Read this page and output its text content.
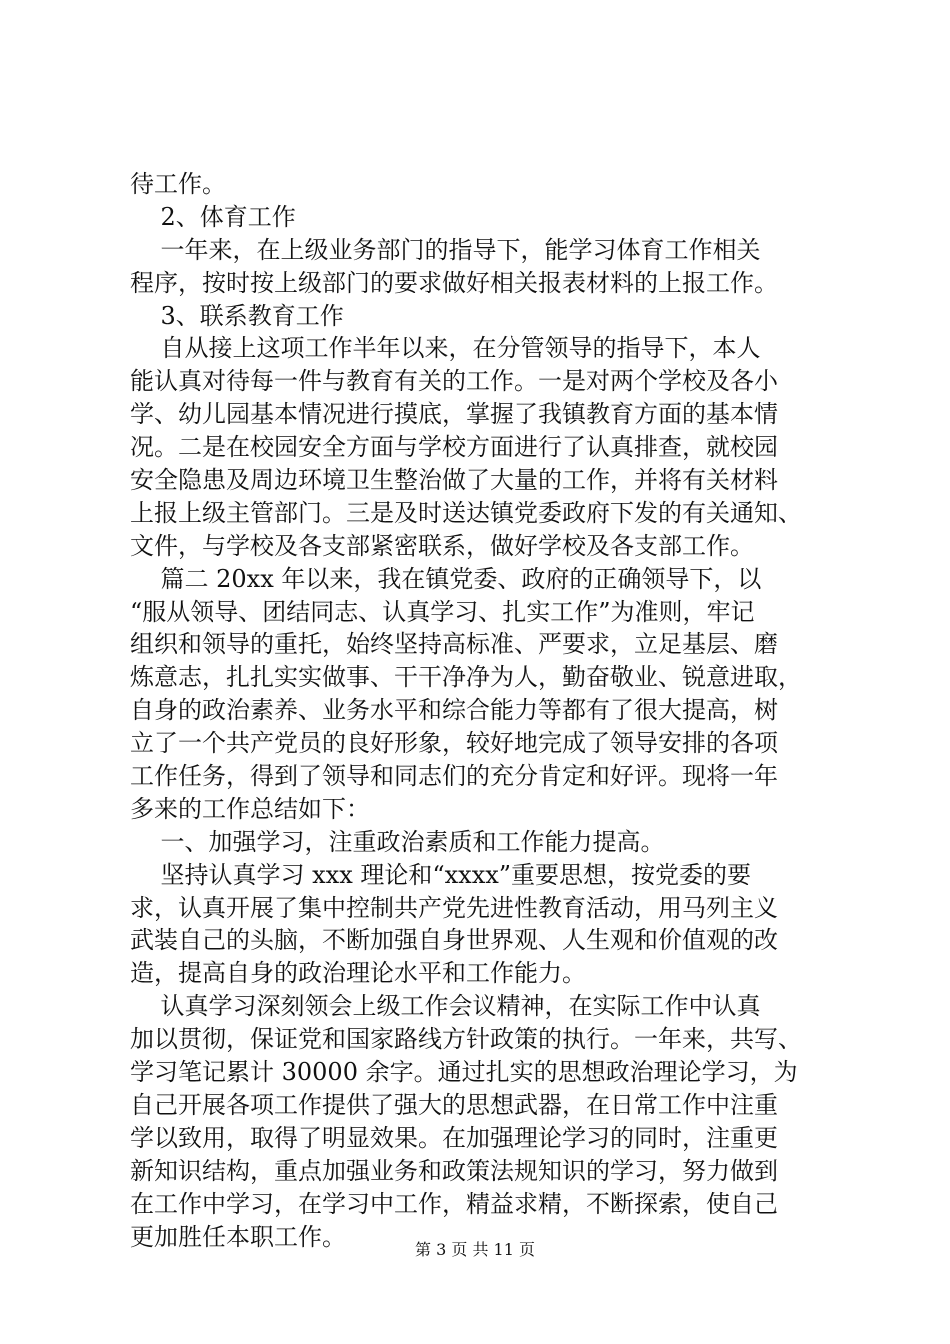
待工作。
2、体育工作
一年来，在上级业务部门的指导下，能学习体育工作相关
程序，按时按上级部门的要求做好相关报表材料的上报工作。
3、联系教育工作
自从接上这项工作半年以来，在分管领导的指导下，本人
能认真对待每一件与教育有关的工作。一是对两个学校及各小
学、幼儿园基本情况进行摸底，掌握了我镇教育方面的基本情
况。二是在校园安全方面与学校方面进行了认真排查，就校园
安全隐患及周边环境卫生整治做了大量的工作，并将有关材料
上报上级主管部门。三是及时送达镇党委政府下发的有关通知、
文件，与学校及各支部紧密联系，做好学校及各支部工作。
篇二 20xx 年以来，我在镇党委、政府的正确领导下，以
“服从领导、团结同志、认真学习、扎实工作”为准则，牢记
组织和领导的重托，始终坚持高标准、严要求，立足基层、磨
炼意志，扎扎实实做事、干干净净为人，勤奋敬业、锐意进取，
自身的政治素养、业务水平和综合能力等都有了很大提高，树
立了一个共产党员的良好形象，较好地完成了领导安排的各项
工作任务，得到了领导和同志们的充分肯定和好评。现将一年
多来的工作总结如下：
一、加强学习，注重政治素质和工作能力提高。
坚持认真学习 xxx 理论和“xxxx”重要思想，按党委的要
求，认真开展了集中控制共产党先进性教育活动，用马列主义
武装自己的头脑，不断加强自身世界观、人生观和价值观的改
造，提高自身的政治理论水平和工作能力。
认真学习深刻领会上级工作会议精神，在实际工作中认真
加以贯彻，保证党和国家路线方针政策的执行。一年来，共写、
学习笔记累计 30000 余字。通过扎实的思想政治理论学习，为
自己开展各项工作提供了强大的思想武器，在日常工作中注重
学以致用，取得了明显效果。在加强理论学习的同时，注重更
新知识结构，重点加强业务和政策法规知识的学习，努力做到
在工作中学习，在学习中工作，精益求精，不断探索，使自己
更加胜任本职工作。	第 3 页 共 11 页
